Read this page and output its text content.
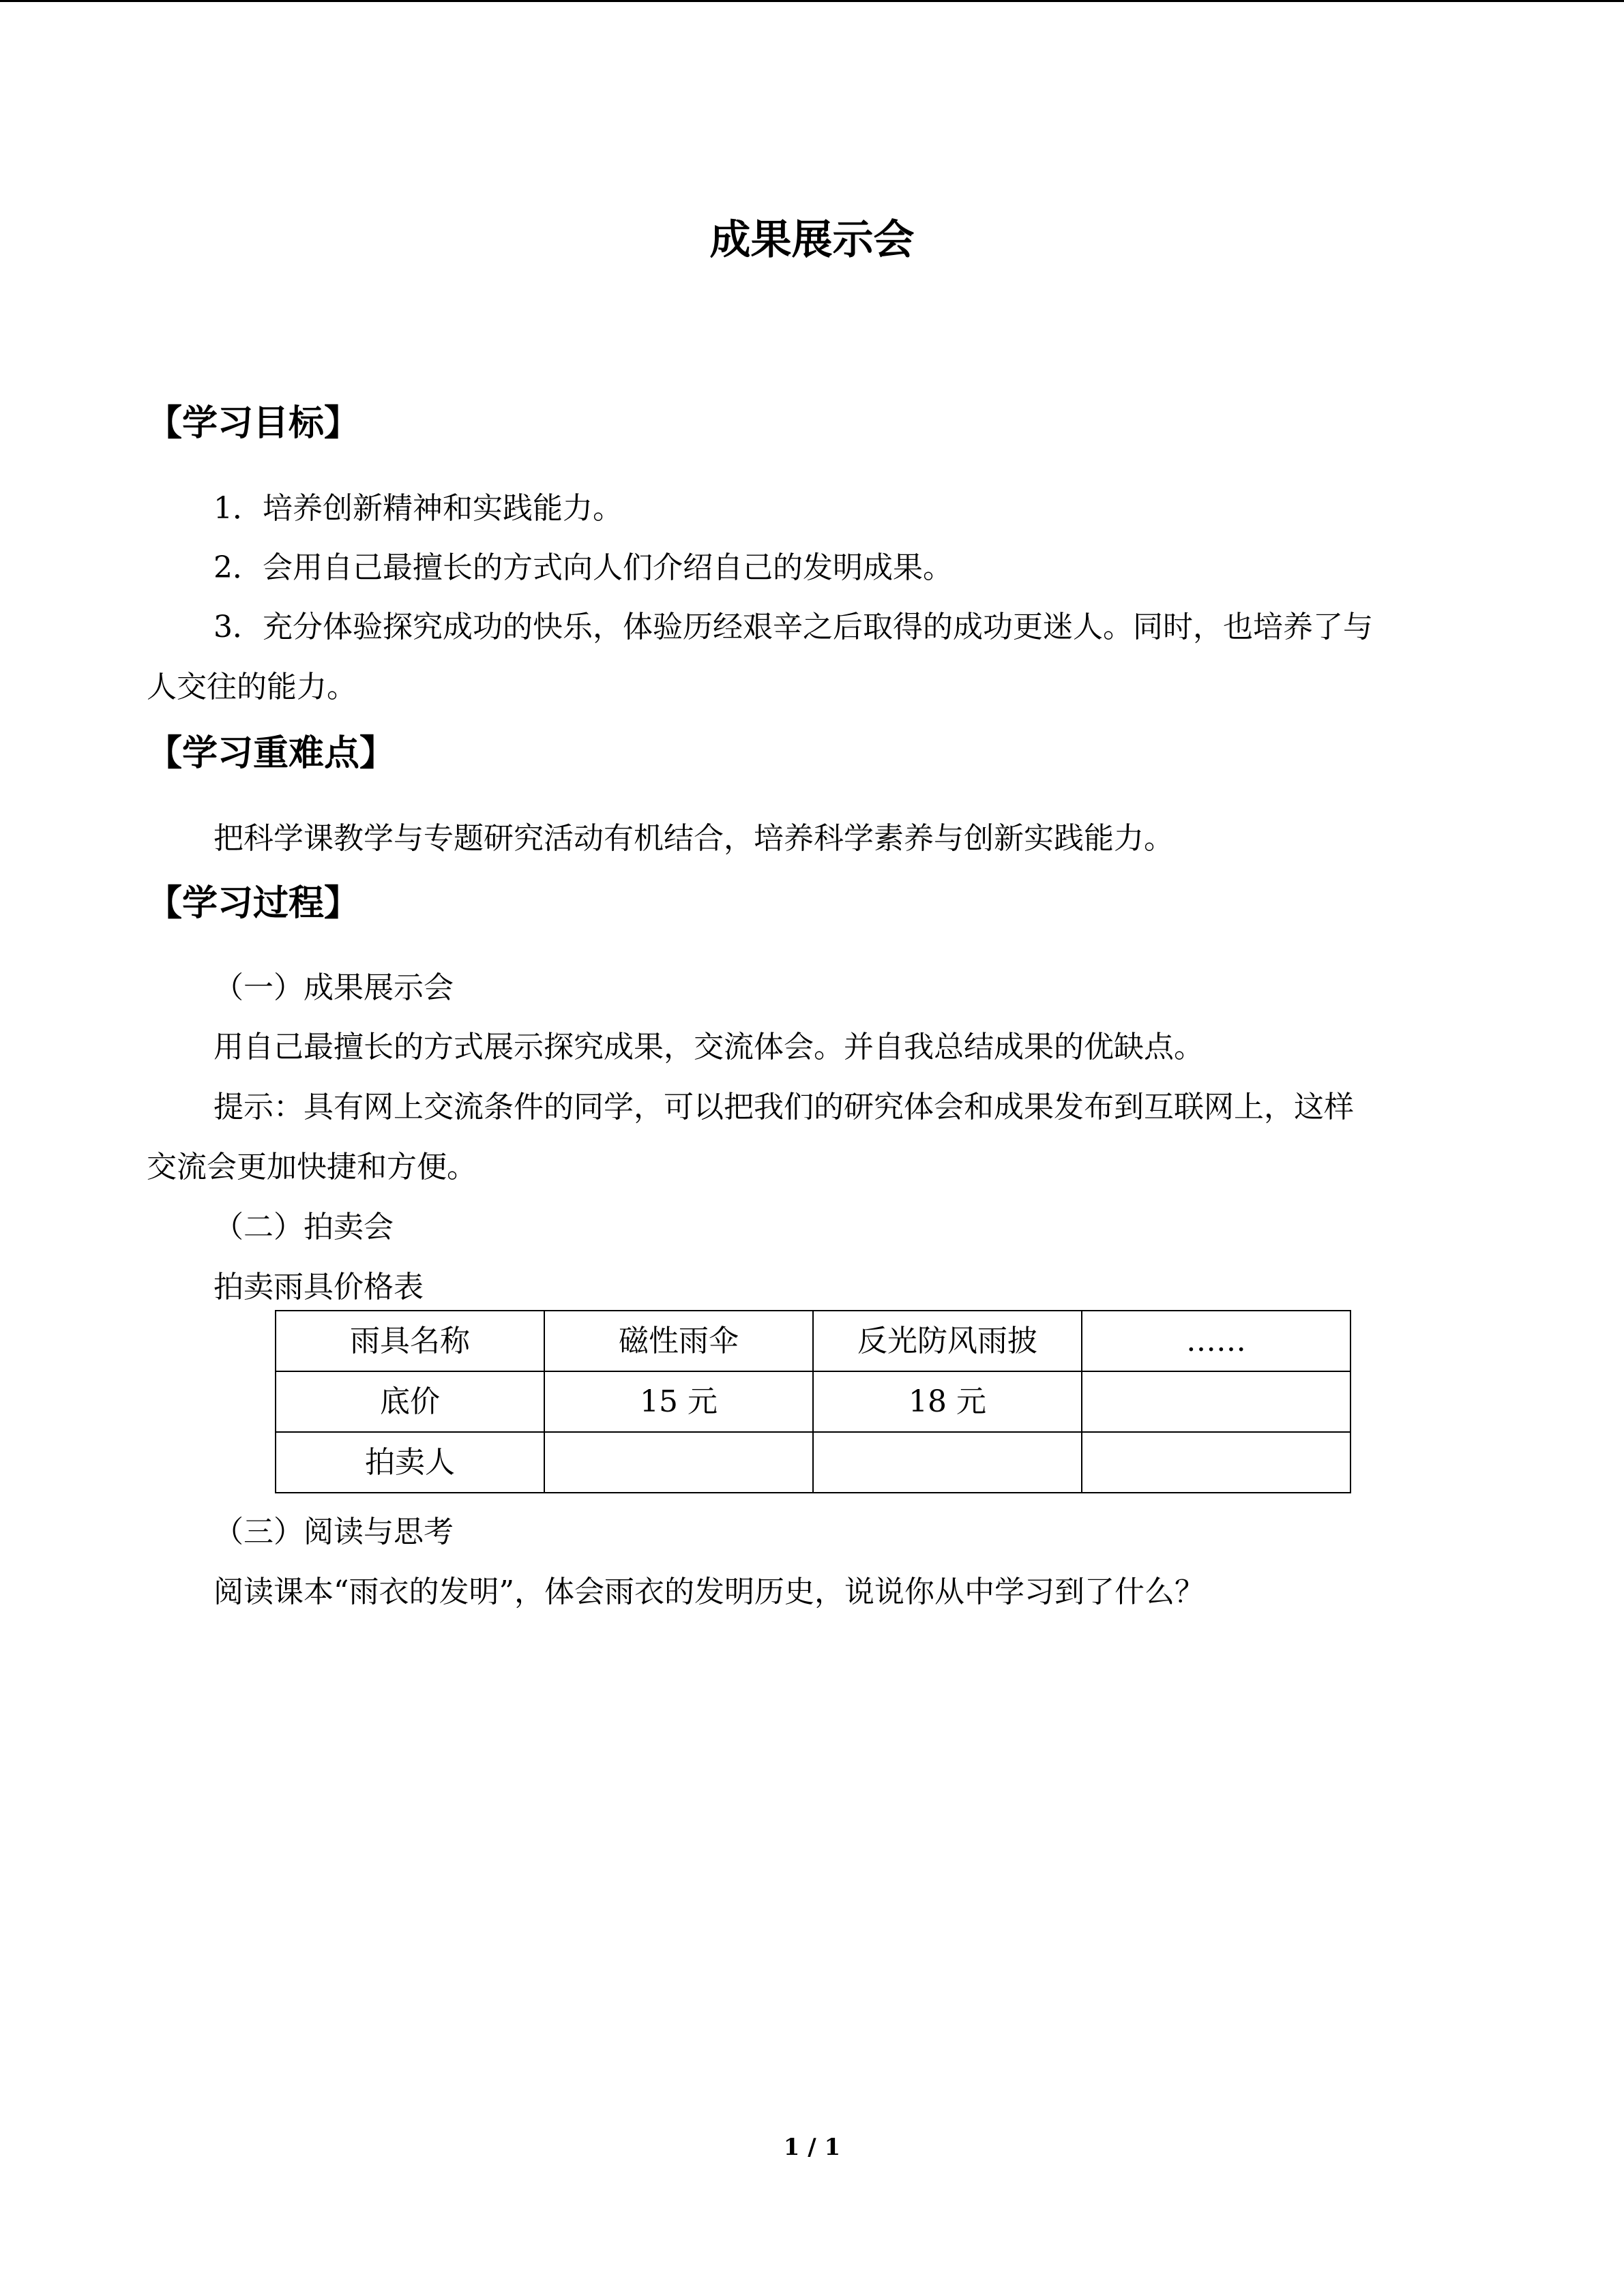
成果展示会
【学习目标】
1．培养创新精神和实践能力。
2．会用自己最擅长的方式向人们介绍自己的发明成果。
3．充分体验探究成功的快乐，体验历经艰辛之后取得的成功更迷人。同时，也培养了与
人交往的能力。
【学习重难点】
把科学课教学与专题研究活动有机结合，培养科学素养与创新实践能力。
【学习过程】
（一）成果展示会
用自己最擅长的方式展示探究成果，交流体会。并自我总结成果的优缺点。
提示：具有网上交流条件的同学，可以把我们的研究体会和成果发布到互联网上，这样
交流会更加快捷和方便。
（二）拍卖会
拍卖雨具价格表
雨具名称	磁性雨伞	反光防风雨披	……
底价	15 元	18 元	
拍卖人			
（三）阅读与思考
阅读课本“雨衣的发明”，体会雨衣的发明历史，说说你从中学习到了什么？
1 / 1
